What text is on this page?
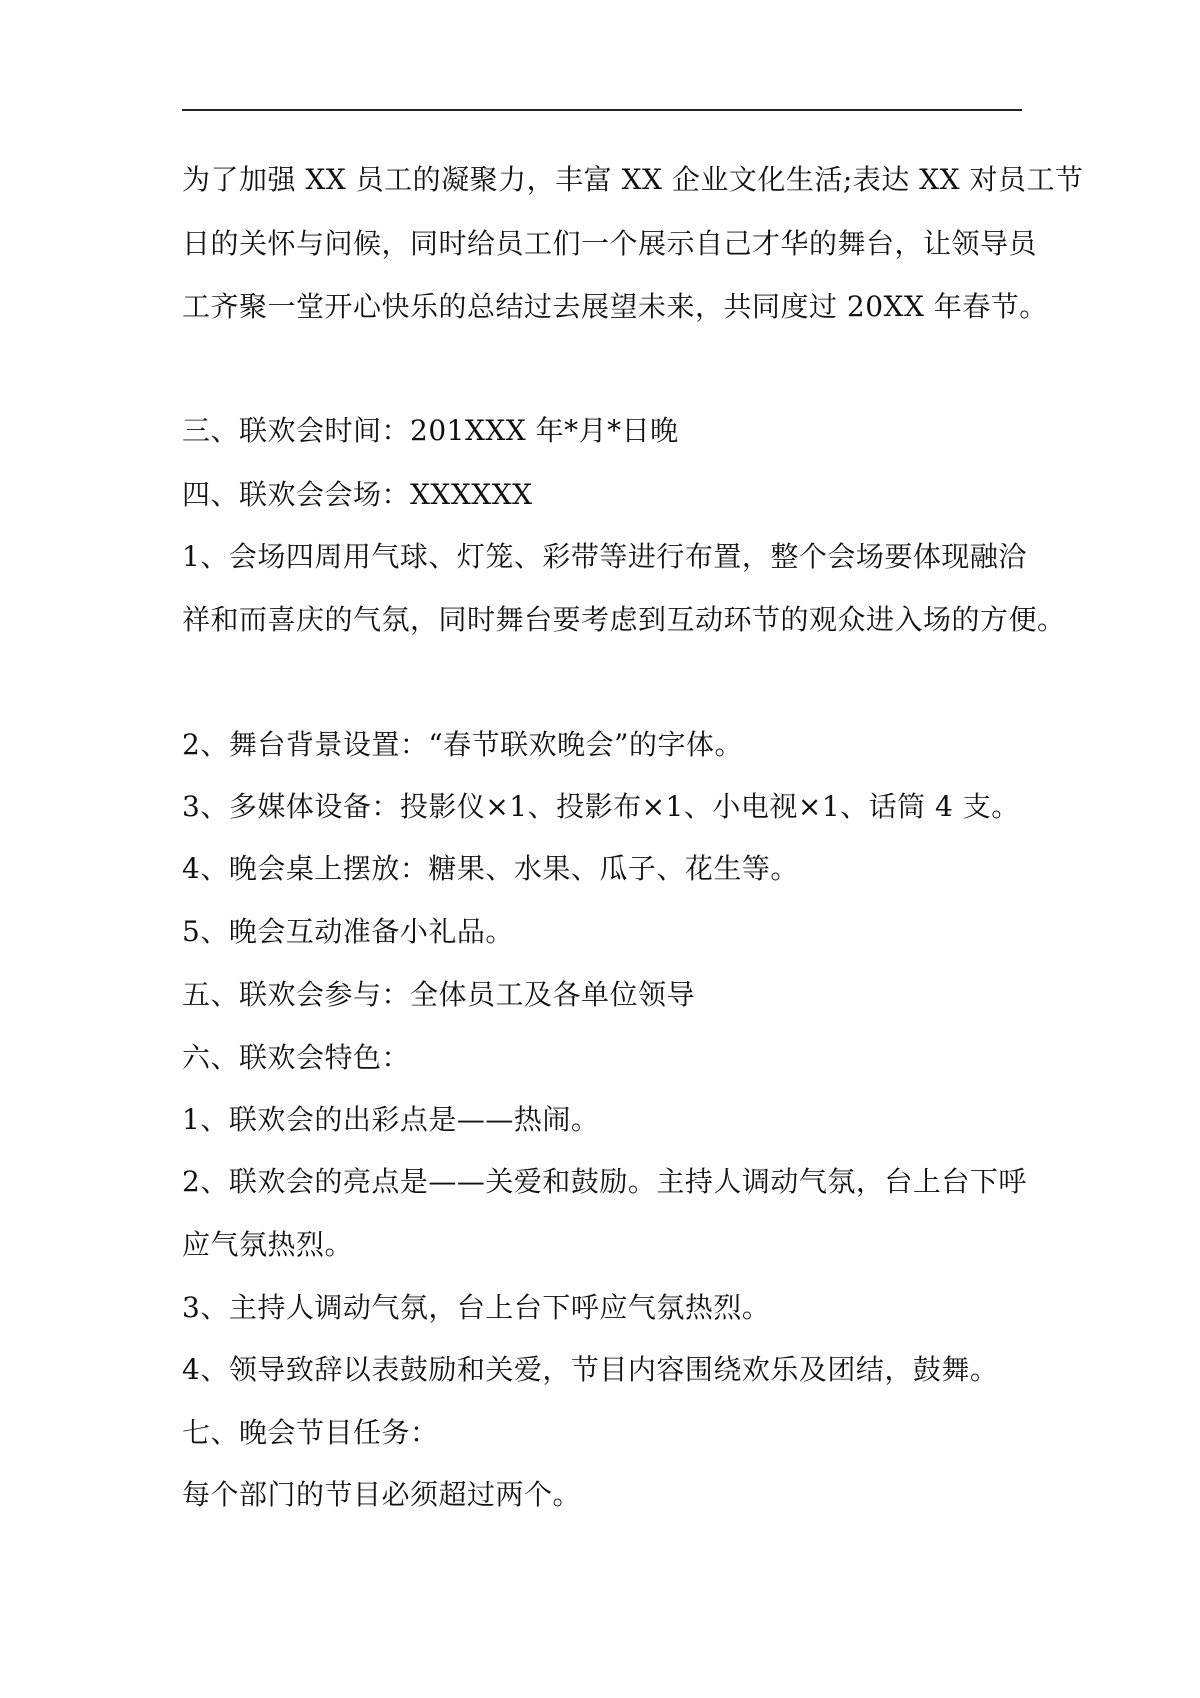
为了加强 XX 员工的凝聚力，丰富 XX 企业文化生活;表达 XX 对员工节
日的关怀与问候，同时给员工们一个展示自己才华的舞台，让领导员
工齐聚一堂开心快乐的总结过去展望未来，共同度过 20XX 年春节。
三、联欢会时间：201XXX 年*月*日晚
四、联欢会会场：XXXXXX
1、会场四周用气球、灯笼、彩带等进行布置，整个会场要体现融洽
祥和而喜庆的气氛，同时舞台要考虑到互动环节的观众进入场的方便。
2、舞台背景设置：“春节联欢晚会”的字体。
3、多媒体设备：投影仪×1、投影布×1、小电视×1、话筒 4 支。
4、晚会桌上摆放：糖果、水果、瓜子、花生等。
5、晚会互动准备小礼品。
五、联欢会参与：全体员工及各单位领导
六、联欢会特色：
1、联欢会的出彩点是——热闹。
2、联欢会的亮点是——关爱和鼓励。主持人调动气氛，台上台下呼
应气氛热烈。
3、主持人调动气氛，台上台下呼应气氛热烈。
4、领导致辞以表鼓励和关爱，节目内容围绕欢乐及团结，鼓舞。
七、晚会节目任务：
每个部门的节目必须超过两个。
